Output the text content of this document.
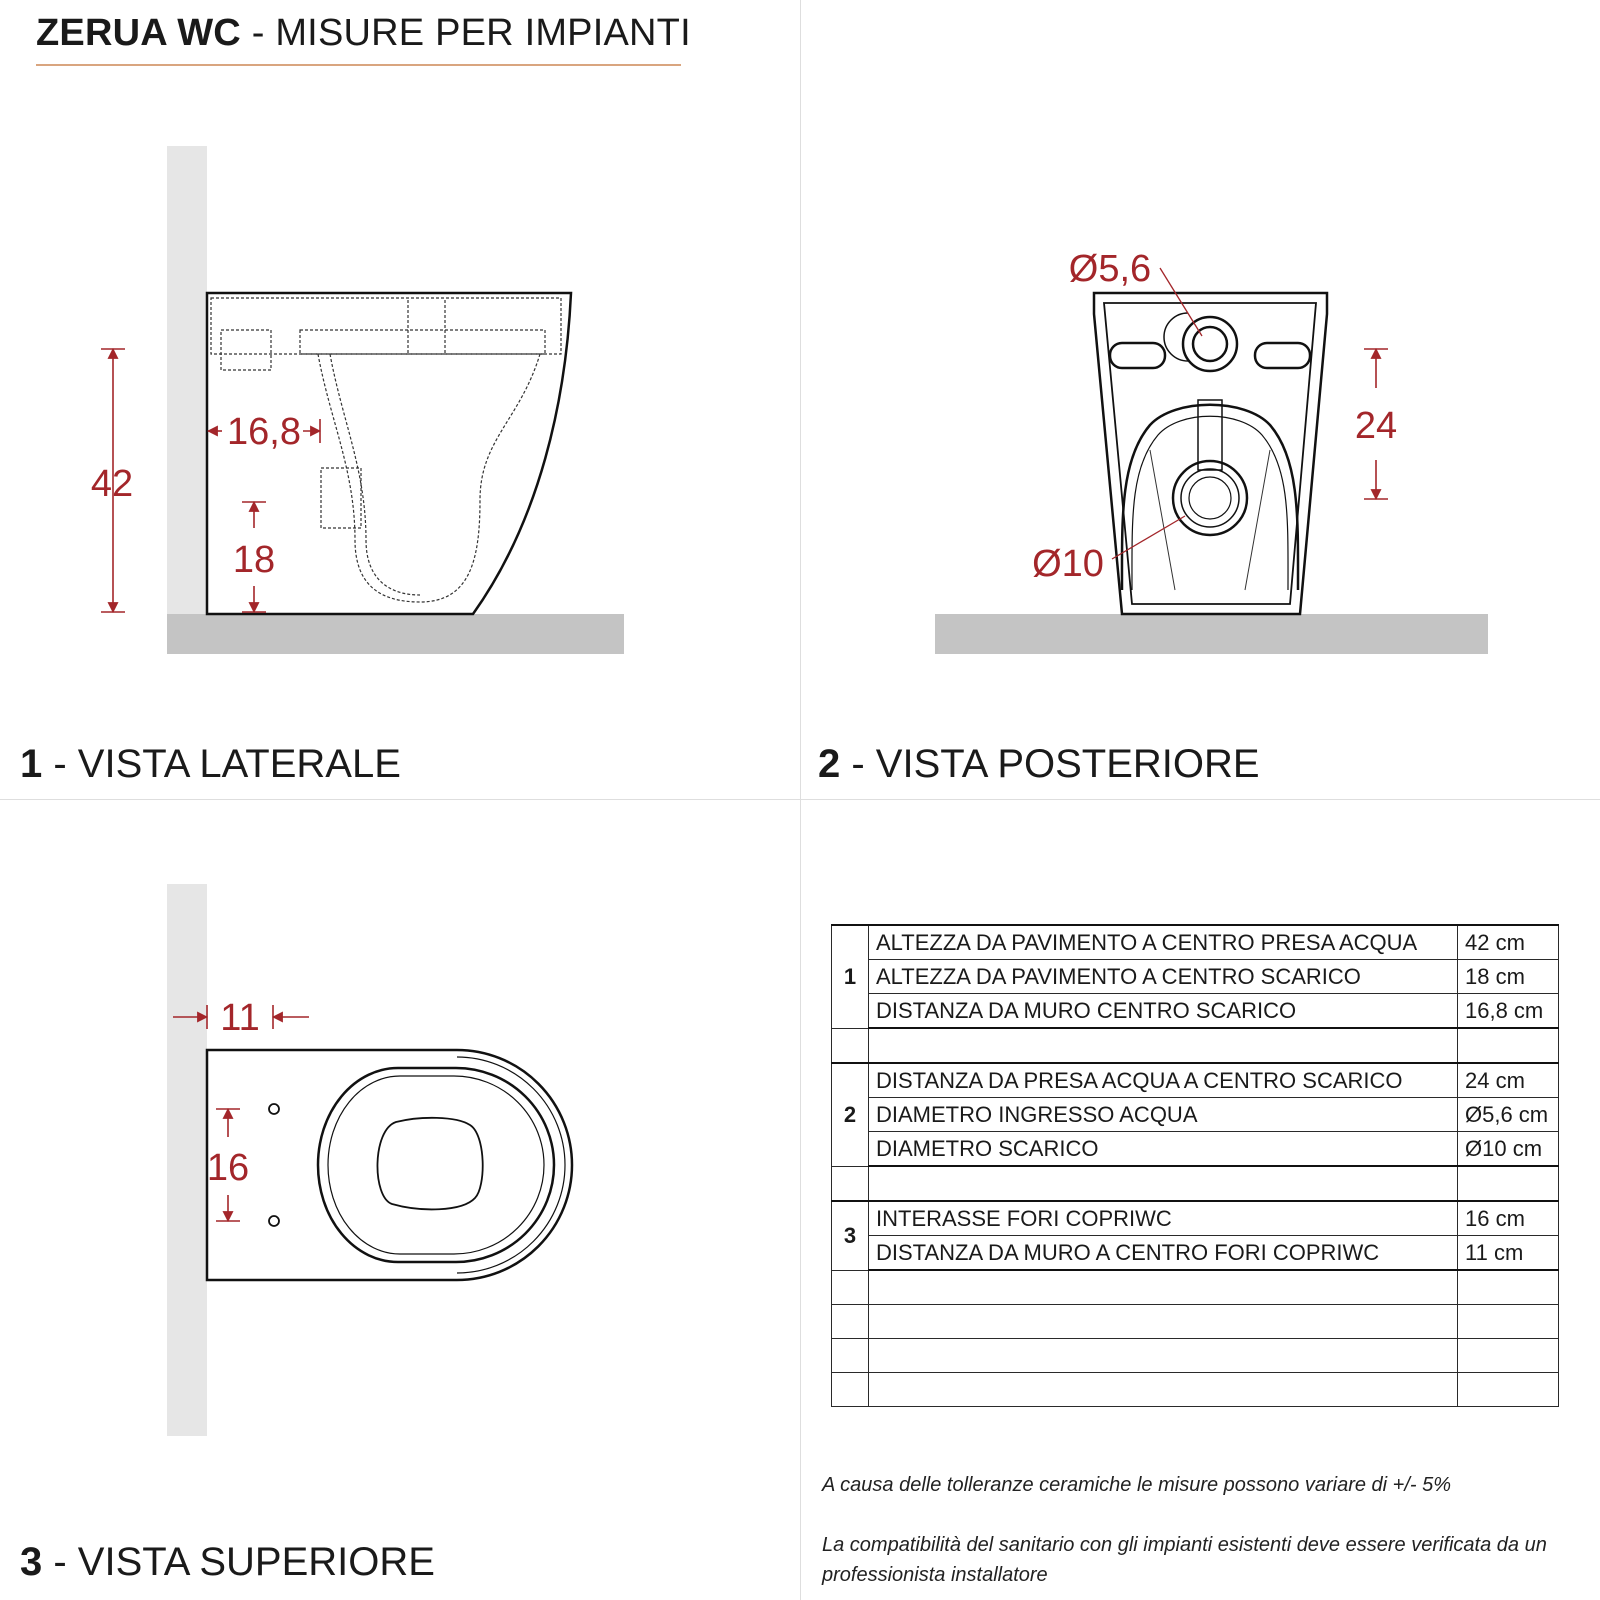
ZERUA WC - MISURE PER IMPIANTI
42
16,8
18
Ø5,6
Ø10
24
11
16
1 - VISTA LATERALE	2 - VISTA POSTERIORE
3 - VISTA SUPERIORE
1	ALTEZZA DA PAVIMENTO A CENTRO PRESA ACQUA	42 cm
	ALTEZZA DA PAVIMENTO A CENTRO SCARICO	18 cm
	DISTANZA DA MURO CENTRO SCARICO	16,8 cm

2	DISTANZA DA PRESA ACQUA A CENTRO SCARICO	24 cm
	DIAMETRO INGRESSO ACQUA	Ø5,6 cm
	DIAMETRO SCARICO	Ø10 cm

3	INTERASSE FORI COPRIWC	16 cm
	DISTANZA DA MURO A CENTRO FORI COPRIWC	11 cm

A causa delle tolleranze ceramiche le misure possono variare di +/- 5%
La compatibilità del sanitario con gli impianti esistenti deve essere verificata da un professionista installatore
